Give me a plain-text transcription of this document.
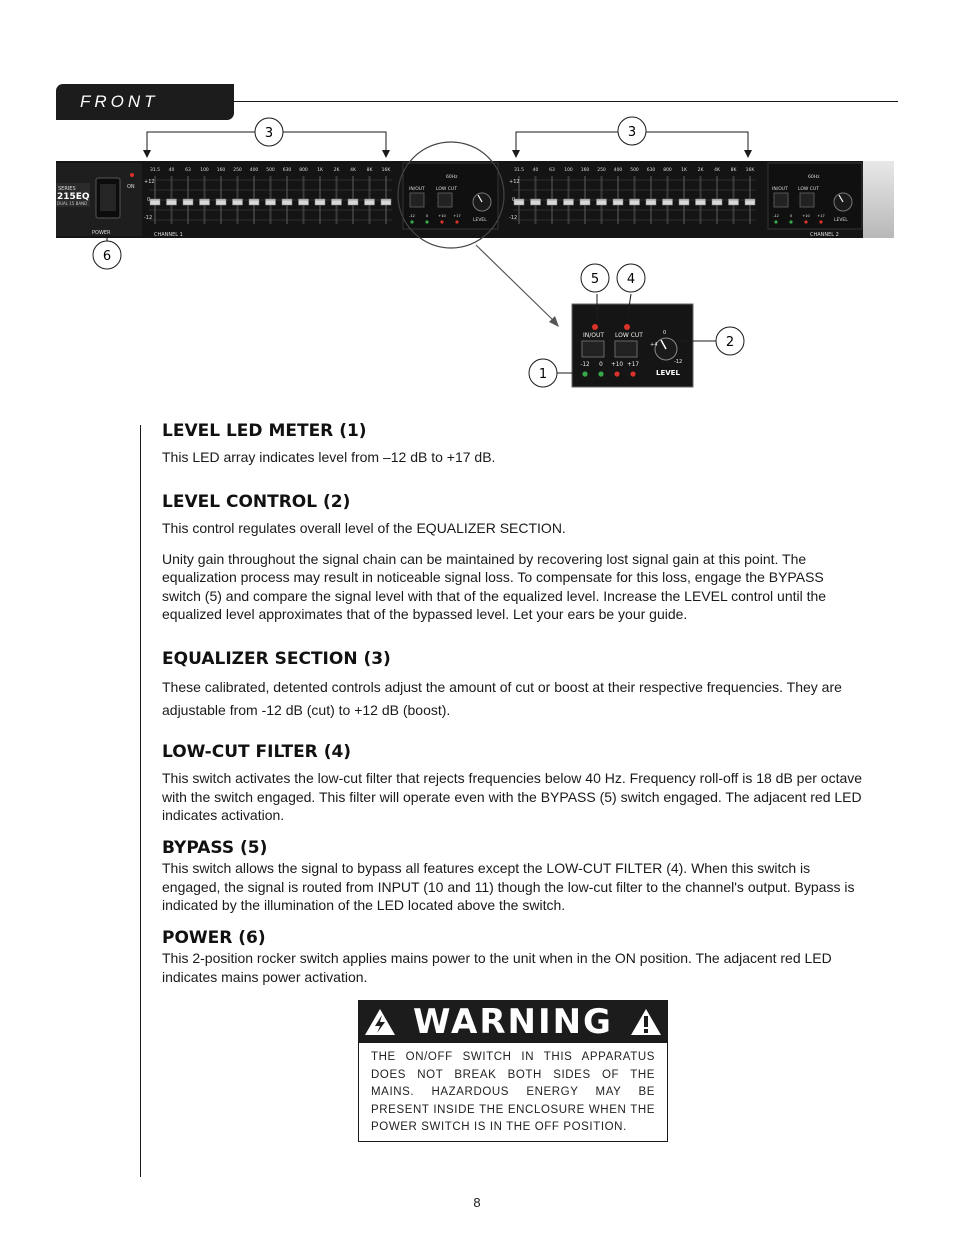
FRONT PANEL
SERIES
215EQ
DUAL 15 BAND
ON
POWER
31.5 40 63 100 160 250 400 500 630 800 1K 2K 4K 8K 16K	31.5 40 63 100 160 250 400 500 630 800 1K 2K 4K 8K 16K
+12
0
-12
+12
0
-12
CHANNEL 1	CHANNEL 2
60Hz
IN/OUT LOW CUT
LEVEL
-12	0	+10 +17
60Hz
IN/OUT LOW CUT
LEVEL
-12	0	+10 +17
IN/OUT LOW CUT	0
+4
-12
LEVEL
-12 0 +10 +17
3	3
6
5 4
2
1
LEVEL LED METER (1)

This LED array indicates level from –12 dB to +17 dB.

LEVEL CONTROL (2)

This control regulates overall level of the EQUALIZER SECTION.

Unity gain throughout the signal chain can be maintained by recovering lost signal gain at this point. The equalization process may result in noticeable signal loss. To compensate for this loss, engage the BYPASS switch (5) and compare the signal level with that of the equalized level. Increase the LEVEL control until the equalized level approximates that of the bypassed level. Let your ears be your guide.

EQUALIZER SECTION (3)

These calibrated, detented controls adjust the amount of cut or boost at their respective frequencies. They are adjustable from -12 dB (cut) to +12 dB (boost).

LOW-CUT FILTER (4)

This switch activates the low-cut filter that rejects frequencies below 40 Hz. Frequency roll-off is 18 dB per octave with the switch engaged. This filter will operate even with the BYPASS (5) switch engaged. The adjacent red LED indicates activation.

BYPASS (5)

This switch allows the signal to bypass all features except the LOW-CUT FILTER (4). When this switch is engaged, the signal is routed from INPUT (10 and 11) though the low-cut filter to the channel's output. Bypass is indicated by the illumination of the LED located above the switch.

POWER (6)

This 2-position rocker switch applies mains power to the unit when in the ON position. The adjacent red LED indicates mains power activation.

WARNING
THE ON/OFF SWITCH IN THIS APPARATUS DOES NOT BREAK BOTH SIDES OF THE MAINS. HAZARDOUS ENERGY MAY BE PRESENT INSIDE THE ENCLOSURE WHEN THE POWER SWITCH IS IN THE OFF POSITION.
8
